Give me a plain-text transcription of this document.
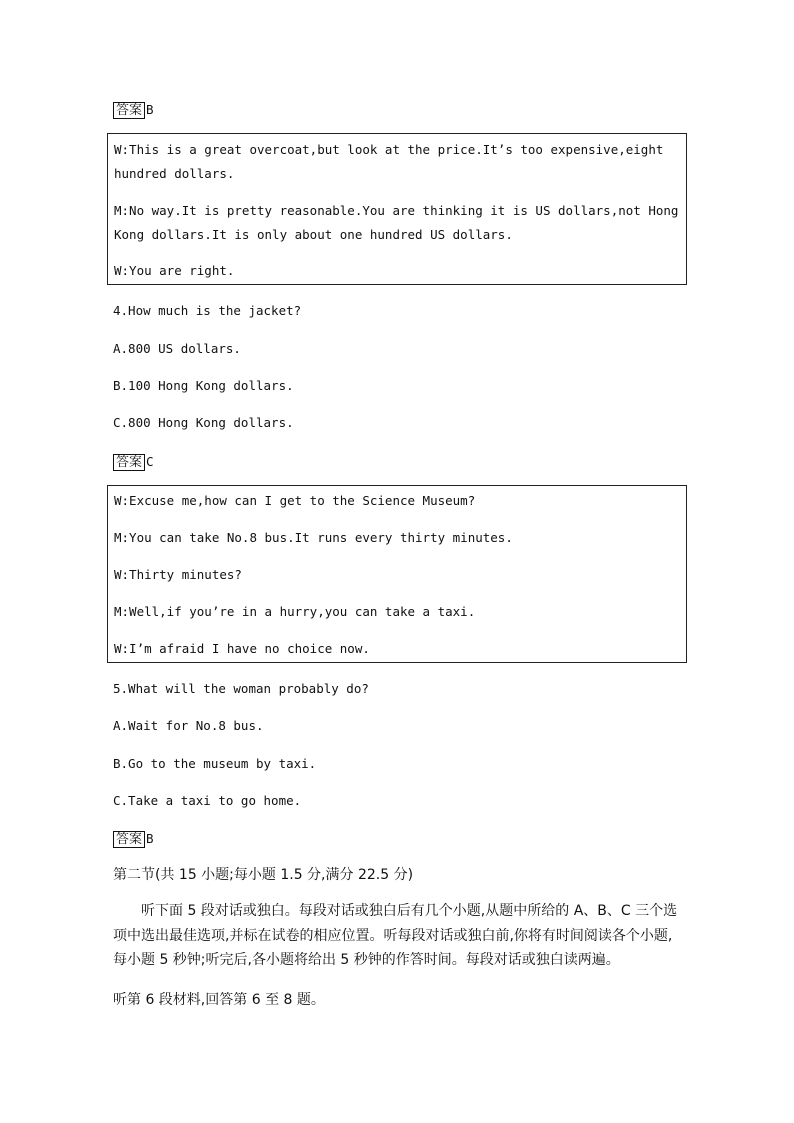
答案 B
W:This is a great overcoat,but look at the price.It’s too expensive,eight hundred dollars.
M:No way.It is pretty reasonable.You are thinking it is US dollars,not Hong Kong dollars.It is only about one hundred US dollars.
W:You are right.
4.How much is the jacket?
A.800 US dollars.
B.100 Hong Kong dollars.
C.800 Hong Kong dollars.
答案 C
W:Excuse me,how can I get to the Science Museum?
M:You can take No.8 bus.It runs every thirty minutes.
W:Thirty minutes?
M:Well,if you’re in a hurry,you can take a taxi.
W:I’m afraid I have no choice now.
5.What will the woman probably do?
A.Wait for No.8 bus.
B.Go to the museum by taxi.
C.Take a taxi to go home.
答案 B
第二节(共 15 小题;每小题 1.5 分,满分 22.5 分)
听下面 5 段对话或独白。每段对话或独白后有几个小题,从题中所给的 A、B、C 三个选项中选出最佳选项,并标在试卷的相应位置。听每段对话或独白前,你将有时间阅读各个小题,每小题 5 秒钟;听完后,各小题将给出 5 秒钟的作答时间。每段对话或独白读两遍。
听第 6 段材料,回答第 6 至 8 题。
